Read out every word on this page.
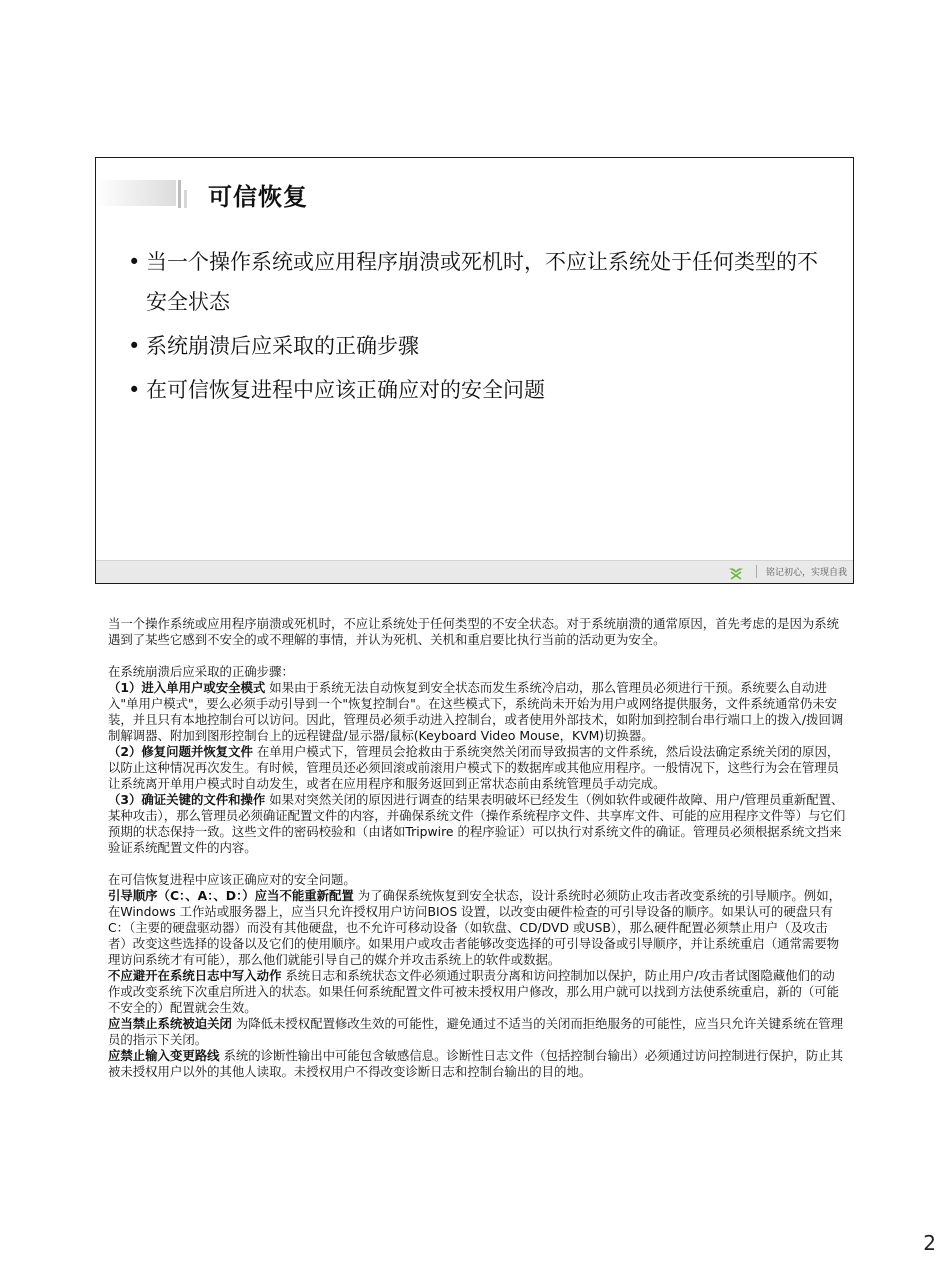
可信恢复
• 当一个操作系统或应用程序崩溃或死机时，不应让系统处于任何类型的不安全状态
• 系统崩溃后应采取的正确步骤
• 在可信恢复进程中应该正确应对的安全问题
铭记初心，实现自我

当一个操作系统或应用程序崩溃或死机时，不应让系统处于任何类型的不安全状态。对于系统崩溃的通常原因，首先考虑的是因为系统遇到了某些它感到不安全的或不理解的事情，并认为死机、关机和重启要比执行当前的活动更为安全。

在系统崩溃后应采取的正确步骤：

（1）进入单用户或安全模式 如果由于系统无法自动恢复到安全状态而发生系统冷启动，那么管理员必须进行干预。系统要么自动进入"单用户模式"，要么必须手动引导到一个"恢复控制台"。在这些模式下，系统尚未开始为用户或网络提供服务，文件系统通常仍未安装，并且只有本地控制台可以访问。因此，管理员必须手动进入控制台，或者使用外部技术，如附加到控制台串行端口上的拨入/拨回调制解调器、附加到图形控制台上的远程键盘/显示器/鼠标(Keyboard Video Mouse，KVM)切换器。

（2）修复问题并恢复文件 在单用户模式下，管理员会抢救由于系统突然关闭而导致损害的文件系统，然后设法确定系统关闭的原因，以防止这种情况再次发生。有时候，管理员还必须回滚或前滚用户模式下的数据库或其他应用程序。一般情况下，这些行为会在管理员让系统离开单用户模式时自动发生，或者在应用程序和服务返回到正常状态前由系统管理员手动完成。

（3）确证关键的文件和操作 如果对突然关闭的原因进行调查的结果表明破坏已经发生（例如软件或硬件故障、用户/管理员重新配置、某种攻击），那么管理员必须确证配置文件的内容，并确保系统文件（操作系统程序文件、共享库文件、可能的应用程序文件等）与它们预期的状态保持一致。这些文件的密码校验和（由诸如Tripwire 的程序验证）可以执行对系统文件的确证。管理员必须根据系统文挡来验证系统配置文件的内容。

在可信恢复进程中应该正确应对的安全问题。

引导顺序（C：、A：、D：）应当不能重新配置 为了确保系统恢复到安全状态，设计系统时必须防止攻击者改变系统的引导顺序。例如，在Windows 工作站或服务器上，应当只允许授权用户访问BIOS 设置，以改变由硬件检查的可引导设备的顺序。如果认可的硬盘只有C：（主要的硬盘驱动器）而没有其他硬盘，也不允许可移动设备（如软盘、CD/DVD 或USB），那么硬件配置必须禁止用户（及攻击者）改变这些选择的设备以及它们的使用顺序。如果用户或攻击者能够改变选择的可引导设备或引导顺序，并让系统重启（通常需要物理访问系统才有可能），那么他们就能引导自己的媒介并攻击系统上的软件或数据。

不应避开在系统日志中写入动作 系统日志和系统状态文件必须通过职责分离和访问控制加以保护，防止用户/攻击者试图隐藏他们的动作或改变系统下次重启所进入的状态。如果任何系统配置文件可被未授权用户修改，那么用户就可以找到方法使系统重启，新的（可能不安全的）配置就会生效。

应当禁止系统被迫关闭 为降低未授权配置修改生效的可能性，避免通过不适当的关闭而拒绝服务的可能性，应当只允许关键系统在管理员的指示下关闭。

应禁止输入变更路线 系统的诊断性输出中可能包含敏感信息。诊断性日志文件（包括控制台输出）必须通过访问控制进行保护，防止其被未授权用户以外的其他人读取。未授权用户不得改变诊断日志和控制台输出的目的地。

2
